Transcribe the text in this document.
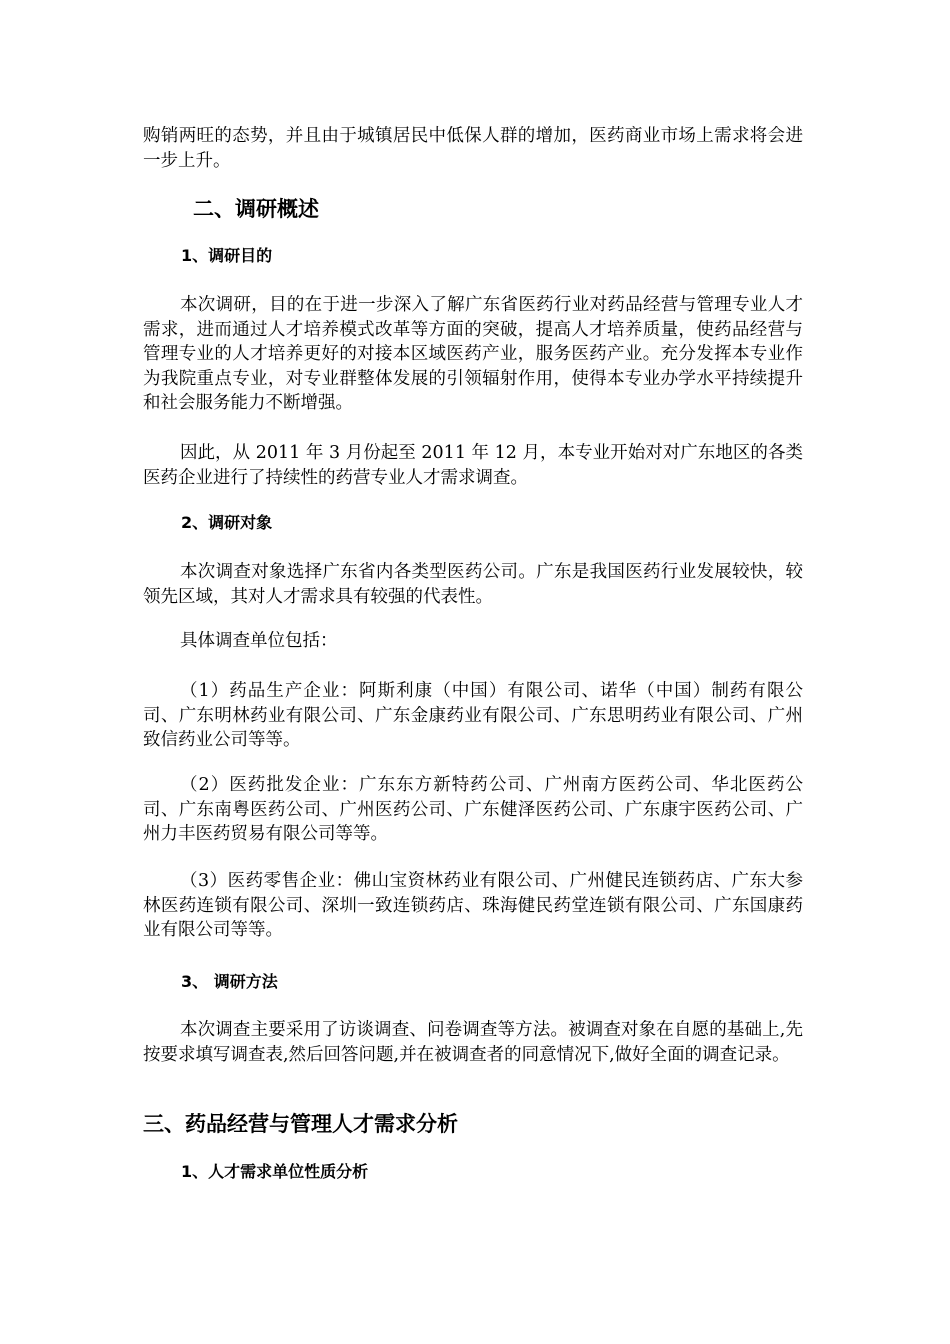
购销两旺的态势，并且由于城镇居民中低保人群的增加，医药商业市场上需求将会进一步上升。

二、调研概述
1、调研目的

本次调研，目的在于进一步深入了解广东省医药行业对药品经营与管理专业人才需求，进而通过人才培养模式改革等方面的突破，提高人才培养质量，使药品经营与管理专业的人才培养更好的对接本区域医药产业，服务医药产业。充分发挥本专业作为我院重点专业，对专业群整体发展的引领辐射作用，使得本专业办学水平持续提升和社会服务能力不断增强。

因此，从 2011 年 3 月份起至 2011 年 12 月，本专业开始对对广东地区的各类医药企业进行了持续性的药营专业人才需求调查。

2、调研对象

本次调查对象选择广东省内各类型医药公司。广东是我国医药行业发展较快，较领先区域，其对人才需求具有较强的代表性。

具体调查单位包括：

（1）药品生产企业：阿斯利康（中国）有限公司、诺华（中国）制药有限公司、广东明林药业有限公司、广东金康药业有限公司、广东思明药业有限公司、广州致信药业公司等等。

（2）医药批发企业：广东东方新特药公司、广州南方医药公司、华北医药公司、广东南粤医药公司、广州医药公司、广东健泽医药公司、广东康宇医药公司、广州力丰医药贸易有限公司等等。

（3）医药零售企业：佛山宝资林药业有限公司、广州健民连锁药店、广东大参林医药连锁有限公司、深圳一致连锁药店、珠海健民药堂连锁有限公司、广东国康药业有限公司等等。

3、 调研方法

本次调查主要采用了访谈调查、问卷调查等方法。被调查对象在自愿的基础上,先按要求填写调查表,然后回答问题,并在被调查者的同意情况下,做好全面的调查记录。

三、药品经营与管理人才需求分析
1、人才需求单位性质分析
